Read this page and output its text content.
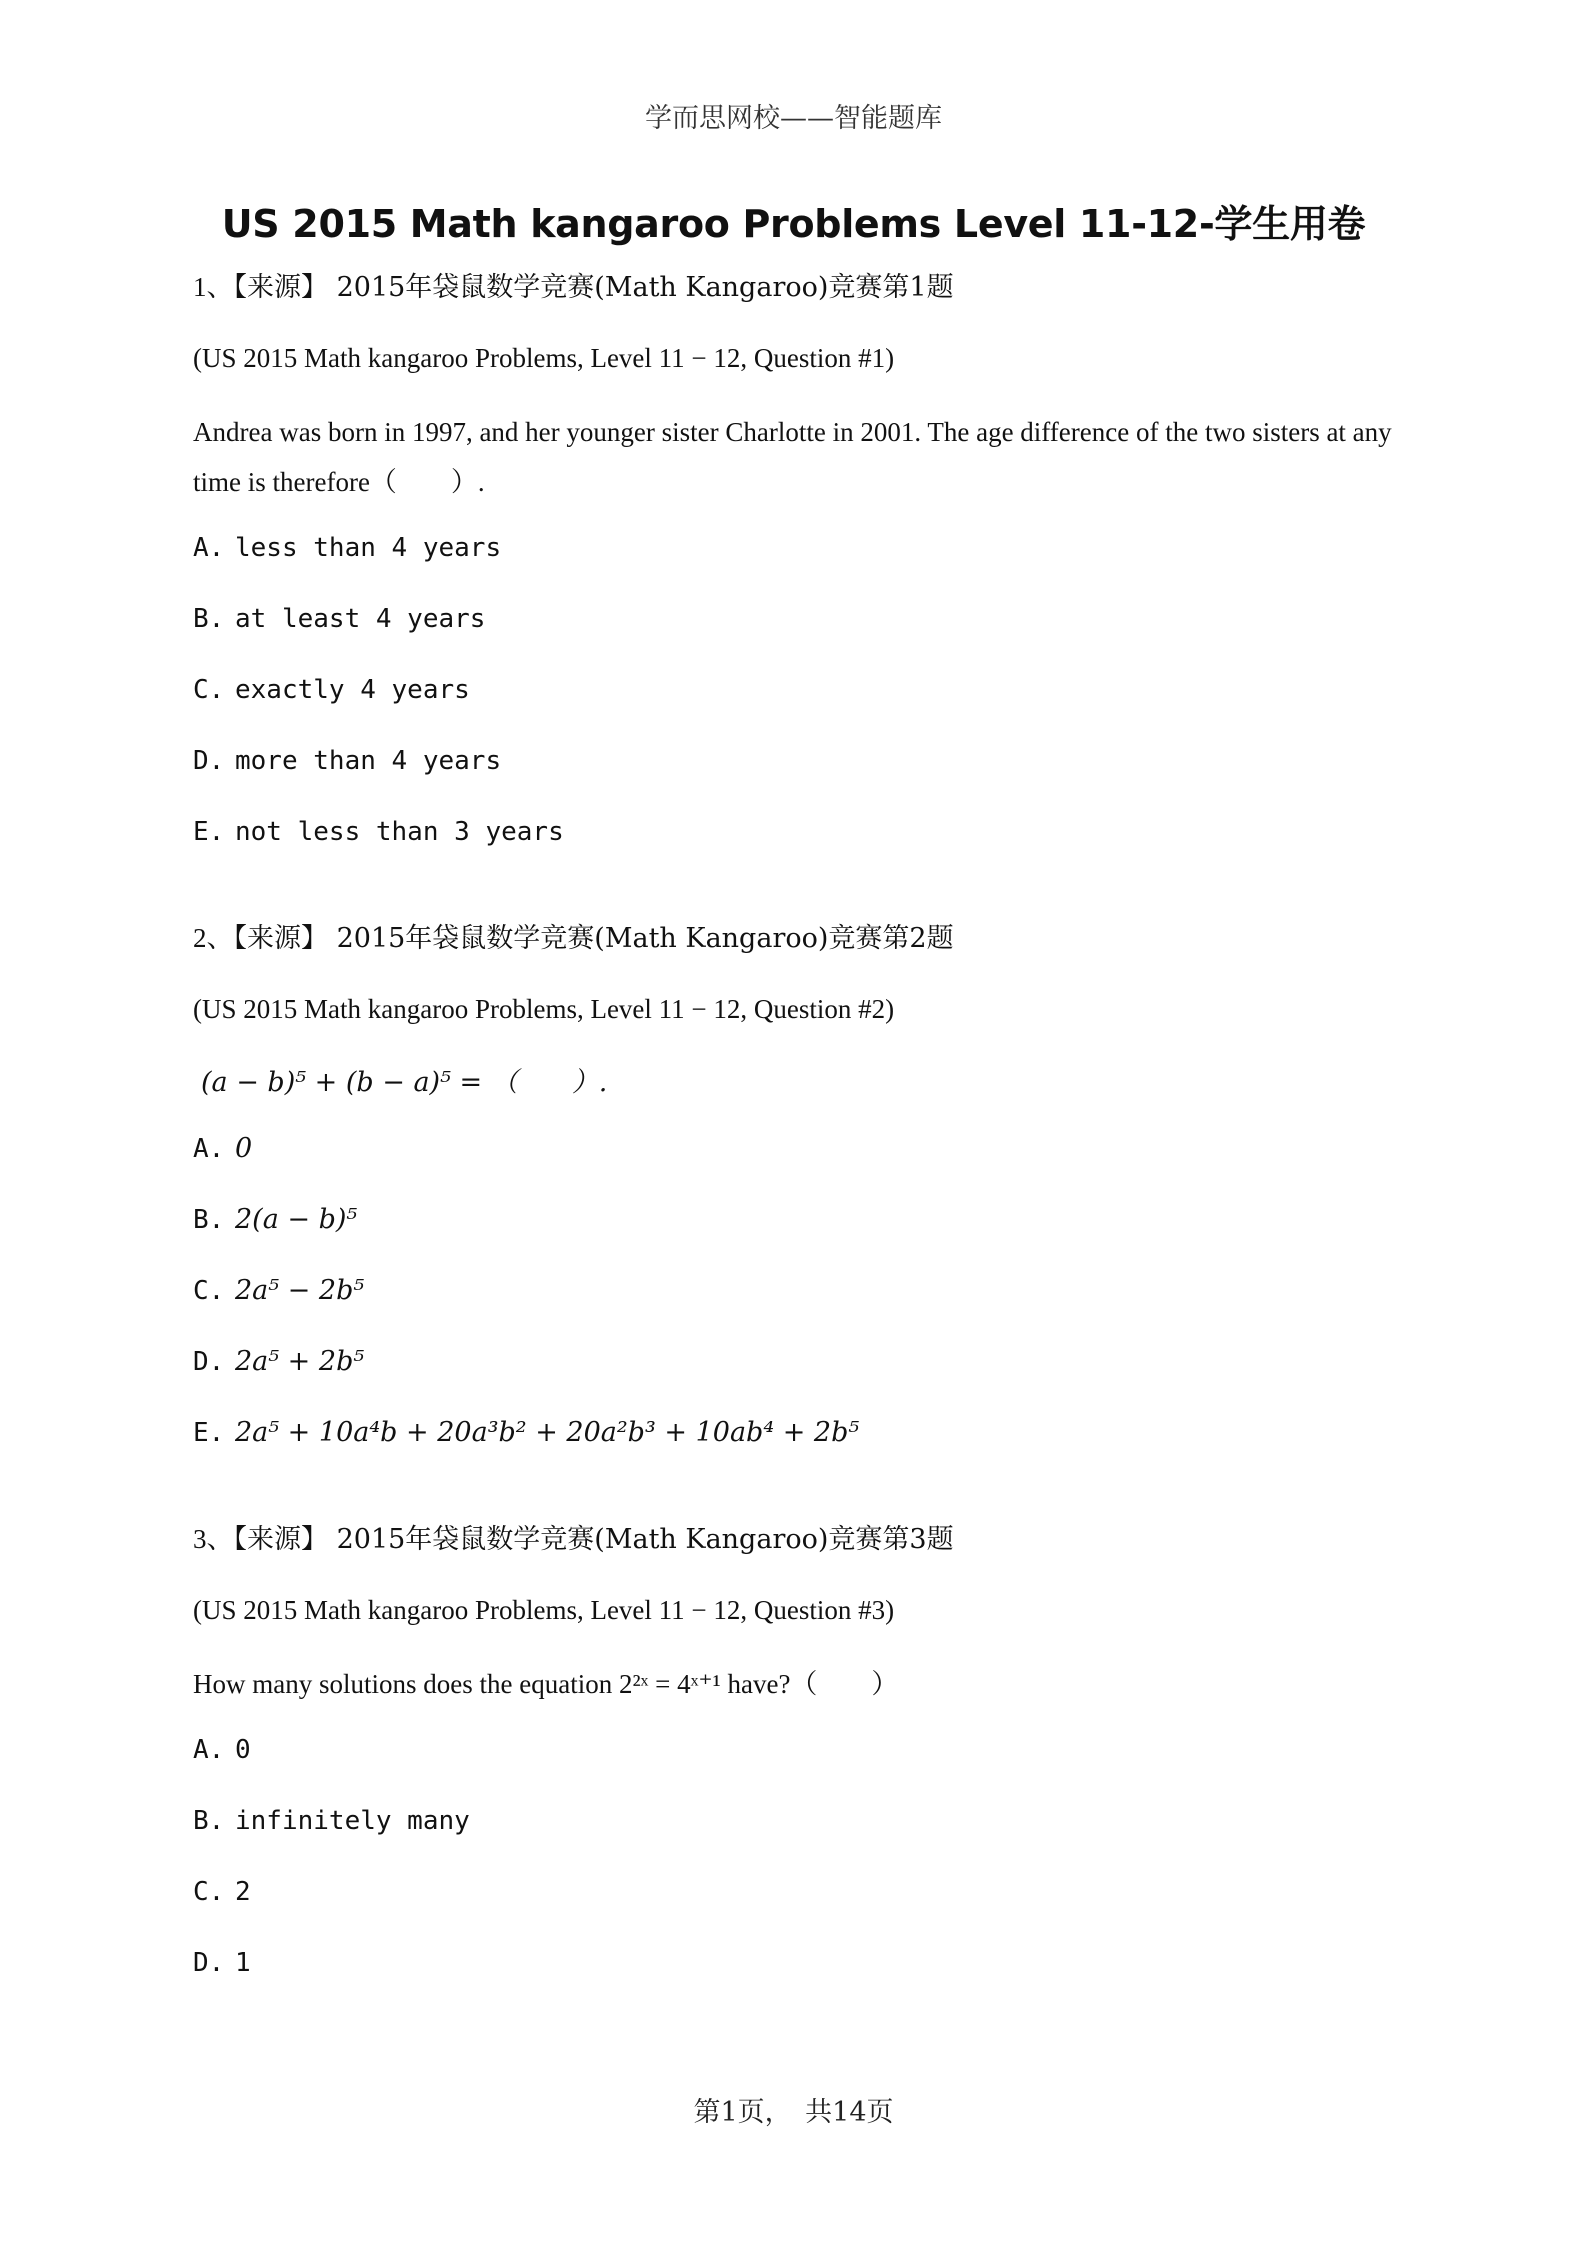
学而思网校——智能题库
US 2015 Math kangaroo Problems Level 11-12-学生用卷
1、【来源】 2015年袋鼠数学竞赛(Math Kangaroo)竞赛第1题
(US 2015 Math kangaroo Problems, Level 11 − 12, Question #1)
Andrea was born in 1997, and her younger sister Charlotte in 2001. The age difference of the two sisters at any time is therefore（　　）.
A. less than 4 years
B. at least 4 years
C. exactly 4 years
D. more than 4 years
E. not less than 3 years
2、【来源】 2015年袋鼠数学竞赛(Math Kangaroo)竞赛第2题
(US 2015 Math kangaroo Problems, Level 11 − 12, Question #2)
(a − b)⁵ + (b − a)⁵ = （　　）.
A. 0
B. 2(a − b)⁵
C. 2a⁵ − 2b⁵
D. 2a⁵ + 2b⁵
E. 2a⁵ + 10a⁴b + 20a³b² + 20a²b³ + 10ab⁴ + 2b⁵
3、【来源】 2015年袋鼠数学竞赛(Math Kangaroo)竞赛第3题
(US 2015 Math kangaroo Problems, Level 11 − 12, Question #3)
How many solutions does the equation 2²ˣ = 4ˣ⁺¹ have?（　　）
A. 0
B. infinitely many
C. 2
D. 1
第1页，　共14页
